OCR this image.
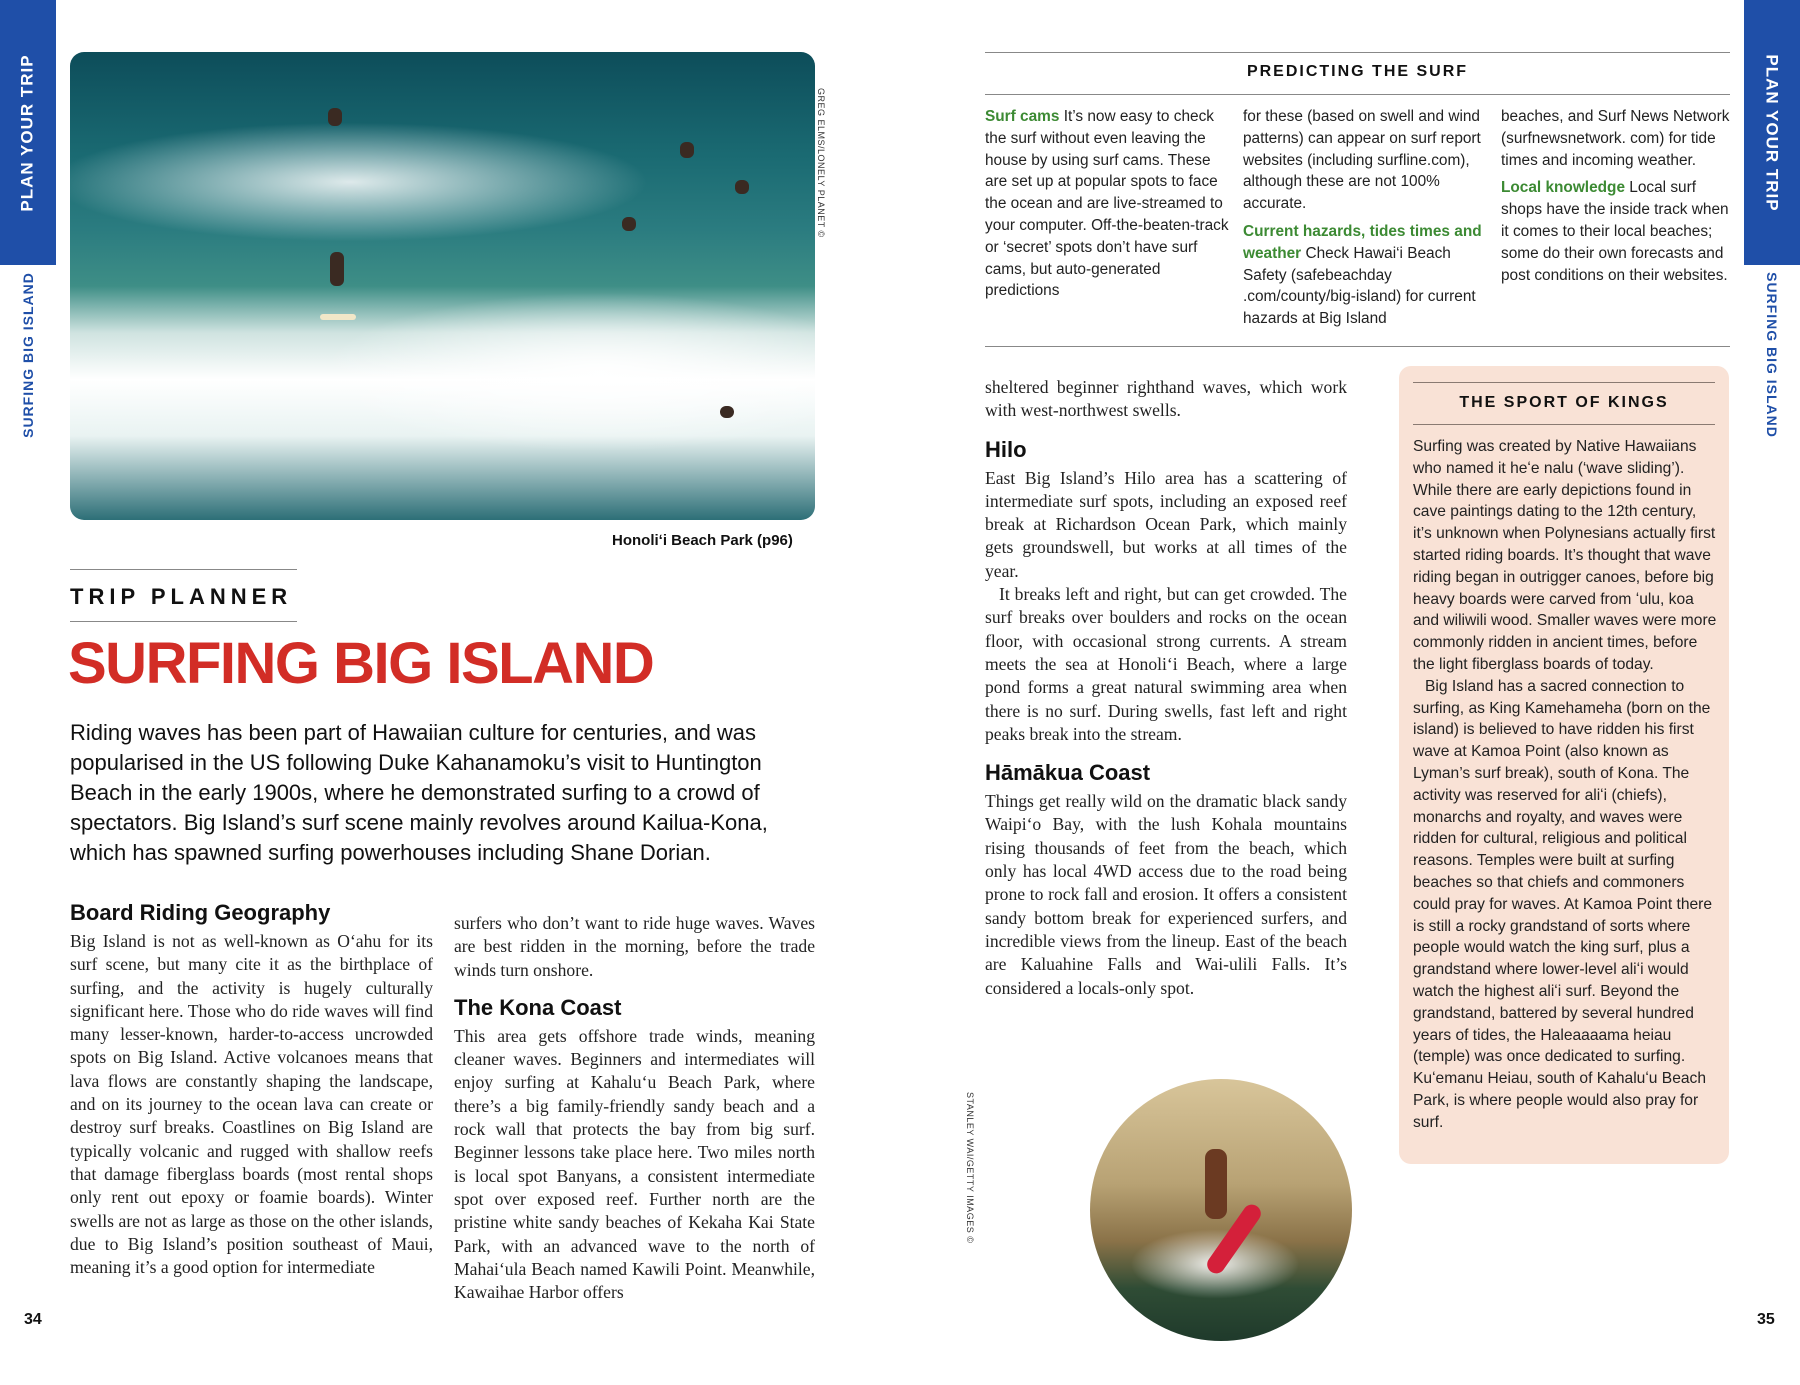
PLAN YOUR TRIP
SURFING BIG ISLAND
PLAN YOUR TRIP
SURFING BIG ISLAND
GREG ELMS/LONELY PLANET ©
Honoliʻi Beach Park (p96)
TRIP PLANNER
SURFING BIG ISLAND

Riding waves has been part of Hawaiian culture for centuries, and was popularised in the US following Duke Kahanamoku’s visit to Huntington Beach in the early 1900s, where he demonstrated surfing to a crowd of spectators. Big Island’s surf scene mainly revolves around Kailua-Kona, which has spawned surfing powerhouses including Shane Dorian.

Board Riding Geography

Big Island is not as well-known as O‘ahu for its surf scene, but many cite it as the birthplace of surfing, and the activity is hugely culturally significant here. Those who do ride waves will find many lesser-known, harder-to-access uncrowded spots on Big Island. Active volcanoes means that lava flows are constantly shaping the landscape, and on its journey to the ocean lava can create or destroy surf breaks. Coastlines on Big Island are typically volcanic and rugged with shallow reefs that damage fiberglass boards (most rental shops only rent out epoxy or foamie boards). Winter swells are not as large as those on the other islands, due to Big Island’s position southeast of Maui, meaning it’s a good option for intermediate

surfers who don’t want to ride huge waves. Waves are best ridden in the morning, before the trade winds turn onshore.

The Kona Coast

This area gets offshore trade winds, meaning cleaner waves. Beginners and intermediates will enjoy surfing at Kahalu‘u Beach Park, where there’s a big family-friendly sandy beach and a rock wall that protects the bay from big surf. Beginner lessons take place here. Two miles north is local spot Banyans, a consistent intermediate spot over exposed reef. Further north are the pristine white sandy beaches of Kekaha Kai State Park, with an advanced wave to the north of Mahai‘ula Beach named Kawili Point. Meanwhile, Kawaihae Harbor offers

34
PREDICTING THE SURF

Surf cams It’s now easy to check the surf without even leaving the house by using surf cams. These are set up at popular spots to face the ocean and are live-streamed to your computer. Off-the-beaten-track or ‘secret’ spots don’t have surf cams, but auto-generated predictions

for these (based on swell and wind patterns) can appear on surf report websites (including surfline.com), although these are not 100% accurate.

Current hazards, tides times and weather Check Hawai‘i Beach Safety (safebeachday .com/county/big-island) for current hazards at Big Island

beaches, and Surf News Network (surfnewsnetwork. com) for tide times and incoming weather.

Local knowledge Local surf shops have the inside track when it comes to their local beaches; some do their own forecasts and post conditions on their websites.

sheltered beginner righthand waves, which work with west-northwest swells.

Hilo

East Big Island’s Hilo area has a scattering of intermediate surf spots, including an exposed reef break at Richardson Ocean Park, which mainly gets groundswell, but works at all times of the year.

It breaks left and right, but can get crowded. The surf breaks over boulders and rocks on the ocean floor, with occasional strong currents. A stream meets the sea at Honoli‘i Beach, where a large pond forms a great natural swimming area when there is no surf. During swells, fast left and right peaks break into the stream.

Hāmākua Coast

Things get really wild on the dramatic black sandy Waipi‘o Bay, with the lush Kohala mountains rising thousands of feet from the beach, which only has local 4WD access due to the road being prone to rock fall and erosion. It offers a consistent sandy bottom break for experienced surfers, and incredible views from the lineup. East of the beach are Kaluahine Falls and Wai-ulili Falls. It’s considered a locals-only spot.

STANLEY WAI/GETTY IMAGES ©
THE SPORT OF KINGS

Surfing was created by Native Hawaiians who named it heʻe nalu (‘wave sliding’). While there are early depictions found in cave paintings dating to the 12th century, it’s unknown when Polynesians actually first started riding boards. It’s thought that wave riding began in outrigger canoes, before big heavy boards were carved from ʻulu, koa and wiliwili wood. Smaller waves were more commonly ridden in ancient times, before the light fiberglass boards of today.

Big Island has a sacred connection to surfing, as King Kamehameha (born on the island) is believed to have ridden his first wave at Kamoa Point (also known as Lyman’s surf break), south of Kona. The activity was reserved for aliʻi (chiefs), monarchs and royalty, and waves were ridden for cultural, religious and political reasons. Temples were built at surfing beaches so that chiefs and commoners could pray for waves. At Kamoa Point there is still a rocky grandstand of sorts where people would watch the king surf, plus a grandstand where lower-level aliʻi would watch the highest aliʻi surf. Beyond the grandstand, battered by several hundred years of tides, the Haleaaaama heiau (temple) was once dedicated to surfing. Kuʻemanu Heiau, south of Kahaluʻu Beach Park, is where people would also pray for surf.

35
